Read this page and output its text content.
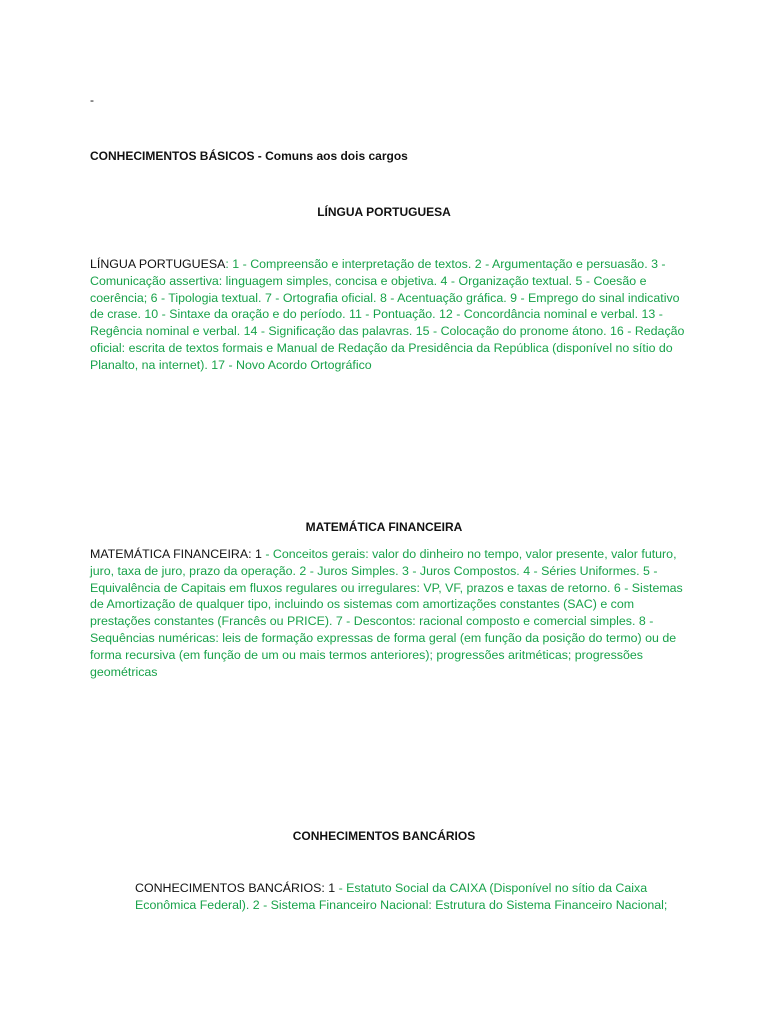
-
CONHECIMENTOS BÁSICOS - Comuns aos dois cargos
LÍNGUA PORTUGUESA
LÍNGUA PORTUGUESA: 1 - Compreensão e interpretação de textos. 2 - Argumentação e persuasão. 3 - Comunicação assertiva: linguagem simples, concisa e objetiva. 4 - Organização textual. 5 - Coesão e coerência; 6 - Tipologia textual. 7 - Ortografia oficial. 8 - Acentuação gráfica. 9 - Emprego do sinal indicativo de crase. 10 - Sintaxe da oração e do período. 11 - Pontuação. 12 - Concordância nominal e verbal. 13 - Regência nominal e verbal. 14 - Significação das palavras. 15 - Colocação do pronome átono. 16 - Redação oficial: escrita de textos formais e Manual de Redação da Presidência da República (disponível no sítio do Planalto, na internet). 17 - Novo Acordo Ortográfico
MATEMÁTICA FINANCEIRA
MATEMÁTICA FINANCEIRA: 1 - Conceitos gerais: valor do dinheiro no tempo, valor presente, valor futuro, juro, taxa de juro, prazo da operação. 2 - Juros Simples. 3 - Juros Compostos. 4 - Séries Uniformes. 5 - Equivalência de Capitais em fluxos regulares ou irregulares: VP, VF, prazos e taxas de retorno. 6 - Sistemas de Amortização de qualquer tipo, incluindo os sistemas com amortizações constantes (SAC) e com prestações constantes (Francês ou PRICE). 7 - Descontos: racional composto e comercial simples. 8 - Sequências numéricas: leis de formação expressas de forma geral (em função da posição do termo) ou de forma recursiva (em função de um ou mais termos anteriores); progressões aritméticas; progressões geométricas
CONHECIMENTOS BANCÁRIOS
CONHECIMENTOS BANCÁRIOS: 1 - Estatuto Social da CAIXA (Disponível no sítio da Caixa Econômica Federal). 2 - Sistema Financeiro Nacional: Estrutura do Sistema Financeiro Nacional;
